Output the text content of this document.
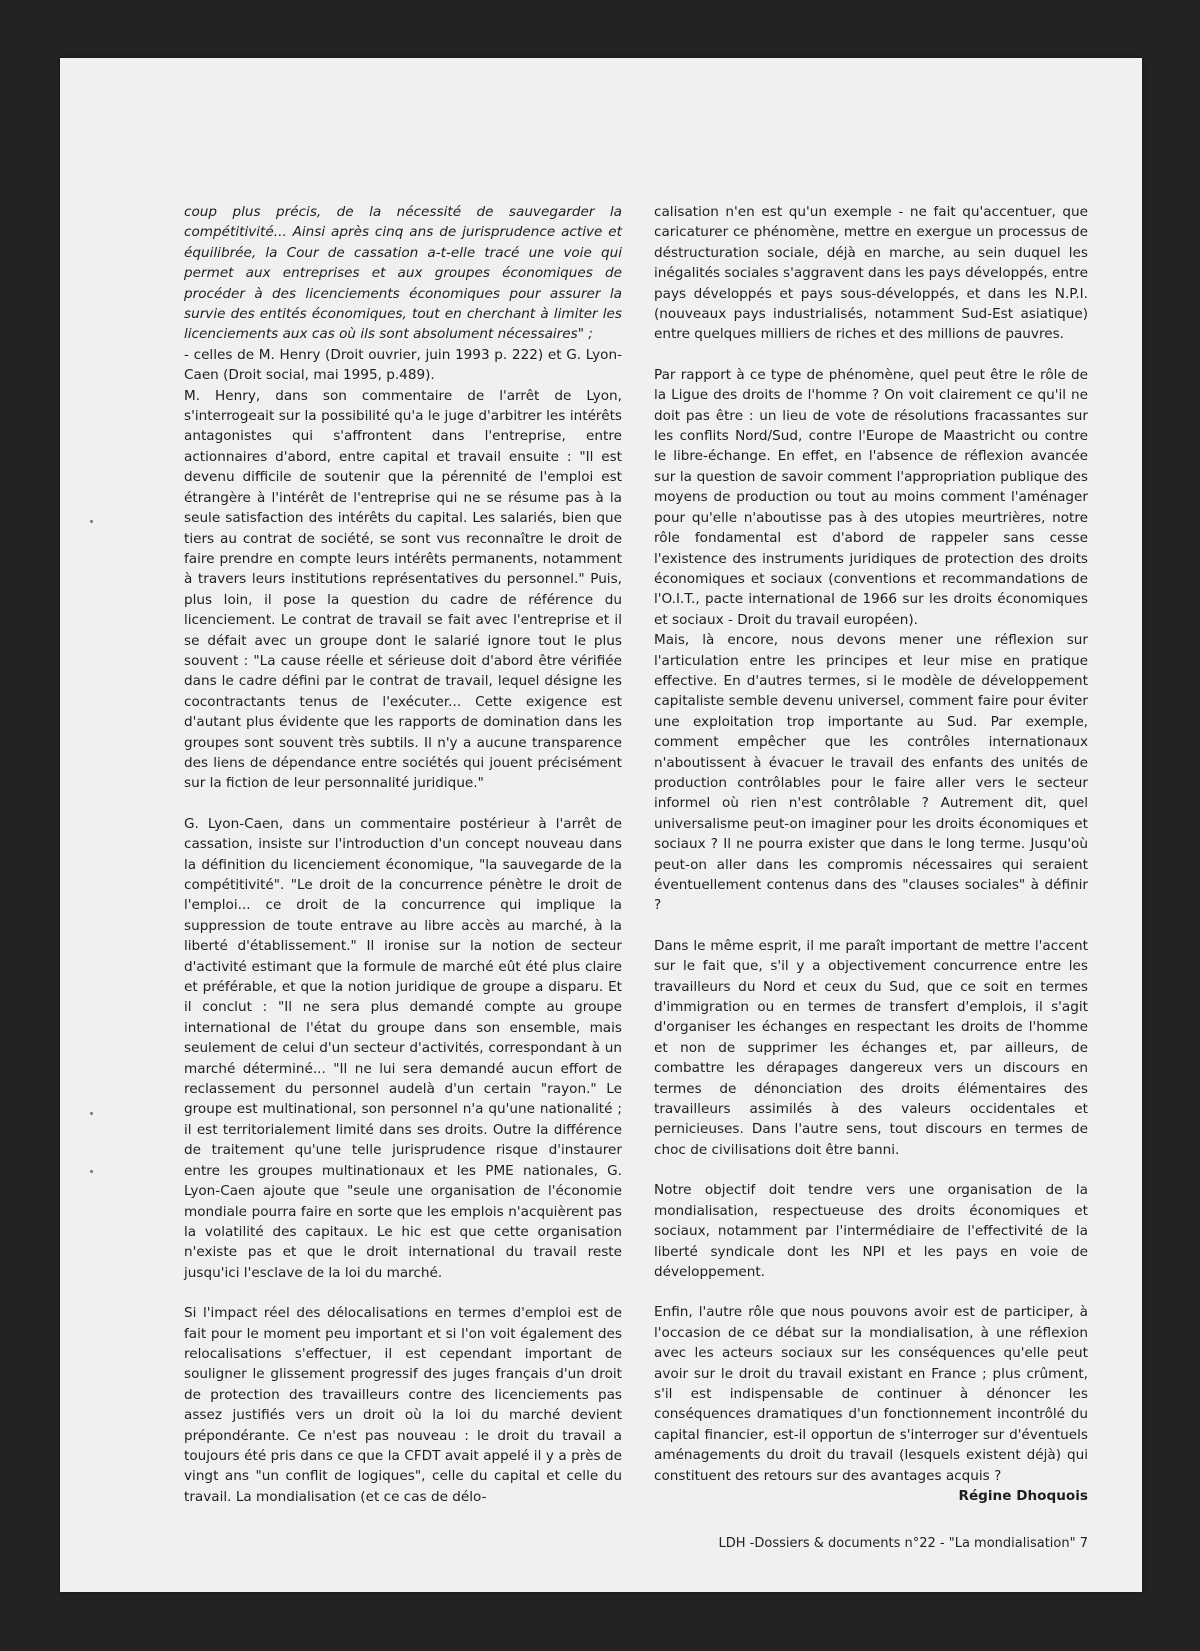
coup plus précis, de la nécessité de sauvegarder la compétitivité... Ainsi après cinq ans de jurisprudence active et équilibrée, la Cour de cassation a-t-elle tracé une voie qui permet aux entreprises et aux groupes économiques de procéder à des licenciements économiques pour assurer la survie des entités économiques, tout en cherchant à limiter les licenciements aux cas où ils sont absolument nécessaires" ;

- celles de M. Henry (Droit ouvrier, juin 1993 p. 222) et G. Lyon-Caen (Droit social, mai 1995, p.489).

M. Henry, dans son commentaire de l'arrêt de Lyon, s'interrogeait sur la possibilité qu'a le juge d'arbitrer les intérêts antagonistes qui s'affrontent dans l'entreprise, entre actionnaires d'abord, entre capital et travail ensuite : "Il est devenu difficile de soutenir que la pérennité de l'emploi est étrangère à l'intérêt de l'entreprise qui ne se résume pas à la seule satisfaction des intérêts du capital. Les salariés, bien que tiers au contrat de société, se sont vus reconnaître le droit de faire prendre en compte leurs intérêts permanents, notamment à travers leurs institutions représentatives du personnel." Puis, plus loin, il pose la question du cadre de référence du licenciement. Le contrat de travail se fait avec l'entreprise et il se défait avec un groupe dont le salarié ignore tout le plus souvent : "La cause réelle et sérieuse doit d'abord être vérifiée dans le cadre défini par le contrat de travail, lequel désigne les cocontractants tenus de l'exécuter... Cette exigence est d'autant plus évidente que les rapports de domination dans les groupes sont souvent très subtils. Il n'y a aucune transparence des liens de dépendance entre sociétés qui jouent précisément sur la fiction de leur personnalité juridique."

G. Lyon-Caen, dans un commentaire postérieur à l'arrêt de cassation, insiste sur l'introduction d'un concept nouveau dans la définition du licenciement économique, "la sauvegarde de la compétitivité". "Le droit de la concurrence pénètre le droit de l'emploi... ce droit de la concurrence qui implique la suppression de toute entrave au libre accès au marché, à la liberté d'établissement." Il ironise sur la notion de secteur d'activité estimant que la formule de marché eût été plus claire et préférable, et que la notion juridique de groupe a disparu. Et il conclut : "Il ne sera plus demandé compte au groupe international de l'état du groupe dans son ensemble, mais seulement de celui d'un secteur d'activités, correspondant à un marché déterminé... "Il ne lui sera demandé aucun effort de reclassement du personnel audelà d'un certain "rayon." Le groupe est multinational, son personnel n'a qu'une nationalité ; il est territorialement limité dans ses droits. Outre la différence de traitement qu'une telle jurisprudence risque d'instaurer entre les groupes multinationaux et les PME nationales, G. Lyon-Caen ajoute que "seule une organisation de l'économie mondiale pourra faire en sorte que les emplois n'acquièrent pas la volatilité des capitaux. Le hic est que cette organisation n'existe pas et que le droit international du travail reste jusqu'ici l'esclave de la loi du marché.

Si l'impact réel des délocalisations en termes d'emploi est de fait pour le moment peu important et si l'on voit également des relocalisations s'effectuer, il est cependant important de souligner le glissement progressif des juges français d'un droit de protection des travailleurs contre des licenciements pas assez justifiés vers un droit où la loi du marché devient prépondérante. Ce n'est pas nouveau : le droit du travail a toujours été pris dans ce que la CFDT avait appelé il y a près de vingt ans "un conflit de logiques", celle du capital et celle du travail. La mondialisation (et ce cas de délo-

calisation n'en est qu'un exemple - ne fait qu'accentuer, que caricaturer ce phénomène, mettre en exergue un processus de déstructuration sociale, déjà en marche, au sein duquel les inégalités sociales s'aggravent dans les pays développés, entre pays développés et pays sous-développés, et dans les N.P.I. (nouveaux pays industrialisés, notamment Sud-Est asiatique) entre quelques milliers de riches et des millions de pauvres.

Par rapport à ce type de phénomène, quel peut être le rôle de la Ligue des droits de l'homme ? On voit clairement ce qu'il ne doit pas être : un lieu de vote de résolutions fracassantes sur les conflits Nord/Sud, contre l'Europe de Maastricht ou contre le libre-échange. En effet, en l'absence de réflexion avancée sur la question de savoir comment l'appropriation publique des moyens de production ou tout au moins comment l'aménager pour qu'elle n'aboutisse pas à des utopies meurtrières, notre rôle fondamental est d'abord de rappeler sans cesse l'existence des instruments juridiques de protection des droits économiques et sociaux (conventions et recommandations de l'O.I.T., pacte international de 1966 sur les droits économiques et sociaux - Droit du travail européen).

Mais, là encore, nous devons mener une réflexion sur l'articulation entre les principes et leur mise en pratique effective. En d'autres termes, si le modèle de développement capitaliste semble devenu universel, comment faire pour éviter une exploitation trop importante au Sud. Par exemple, comment empêcher que les contrôles internationaux n'aboutissent à évacuer le travail des enfants des unités de production contrôlables pour le faire aller vers le secteur informel où rien n'est contrôlable ? Autrement dit, quel universalisme peut-on imaginer pour les droits économiques et sociaux ? Il ne pourra exister que dans le long terme. Jusqu'où peut-on aller dans les compromis nécessaires qui seraient éventuellement contenus dans des "clauses sociales" à définir ?

Dans le même esprit, il me paraît important de mettre l'accent sur le fait que, s'il y a objectivement concurrence entre les travailleurs du Nord et ceux du Sud, que ce soit en termes d'immigration ou en termes de transfert d'emplois, il s'agit d'organiser les échanges en respectant les droits de l'homme et non de supprimer les échanges et, par ailleurs, de combattre les dérapages dangereux vers un discours en termes de dénonciation des droits élémentaires des travailleurs assimilés à des valeurs occidentales et pernicieuses. Dans l'autre sens, tout discours en termes de choc de civilisations doit être banni.

Notre objectif doit tendre vers une organisation de la mondialisation, respectueuse des droits économiques et sociaux, notamment par l'intermédiaire de l'effectivité de la liberté syndicale dont les NPI et les pays en voie de développement.

Enfin, l'autre rôle que nous pouvons avoir est de participer, à l'occasion de ce débat sur la mondialisation, à une réflexion avec les acteurs sociaux sur les conséquences qu'elle peut avoir sur le droit du travail existant en France ; plus crûment, s'il est indispensable de continuer à dénoncer les conséquences dramatiques d'un fonctionnement incontrôlé du capital financier, est-il opportun de s'interroger sur d'éventuels aménagements du droit du travail (lesquels existent déjà) qui constituent des retours sur des avantages acquis ?

Régine Dhoquois

LDH -Dossiers & documents n°22 - "La mondialisation" 7
